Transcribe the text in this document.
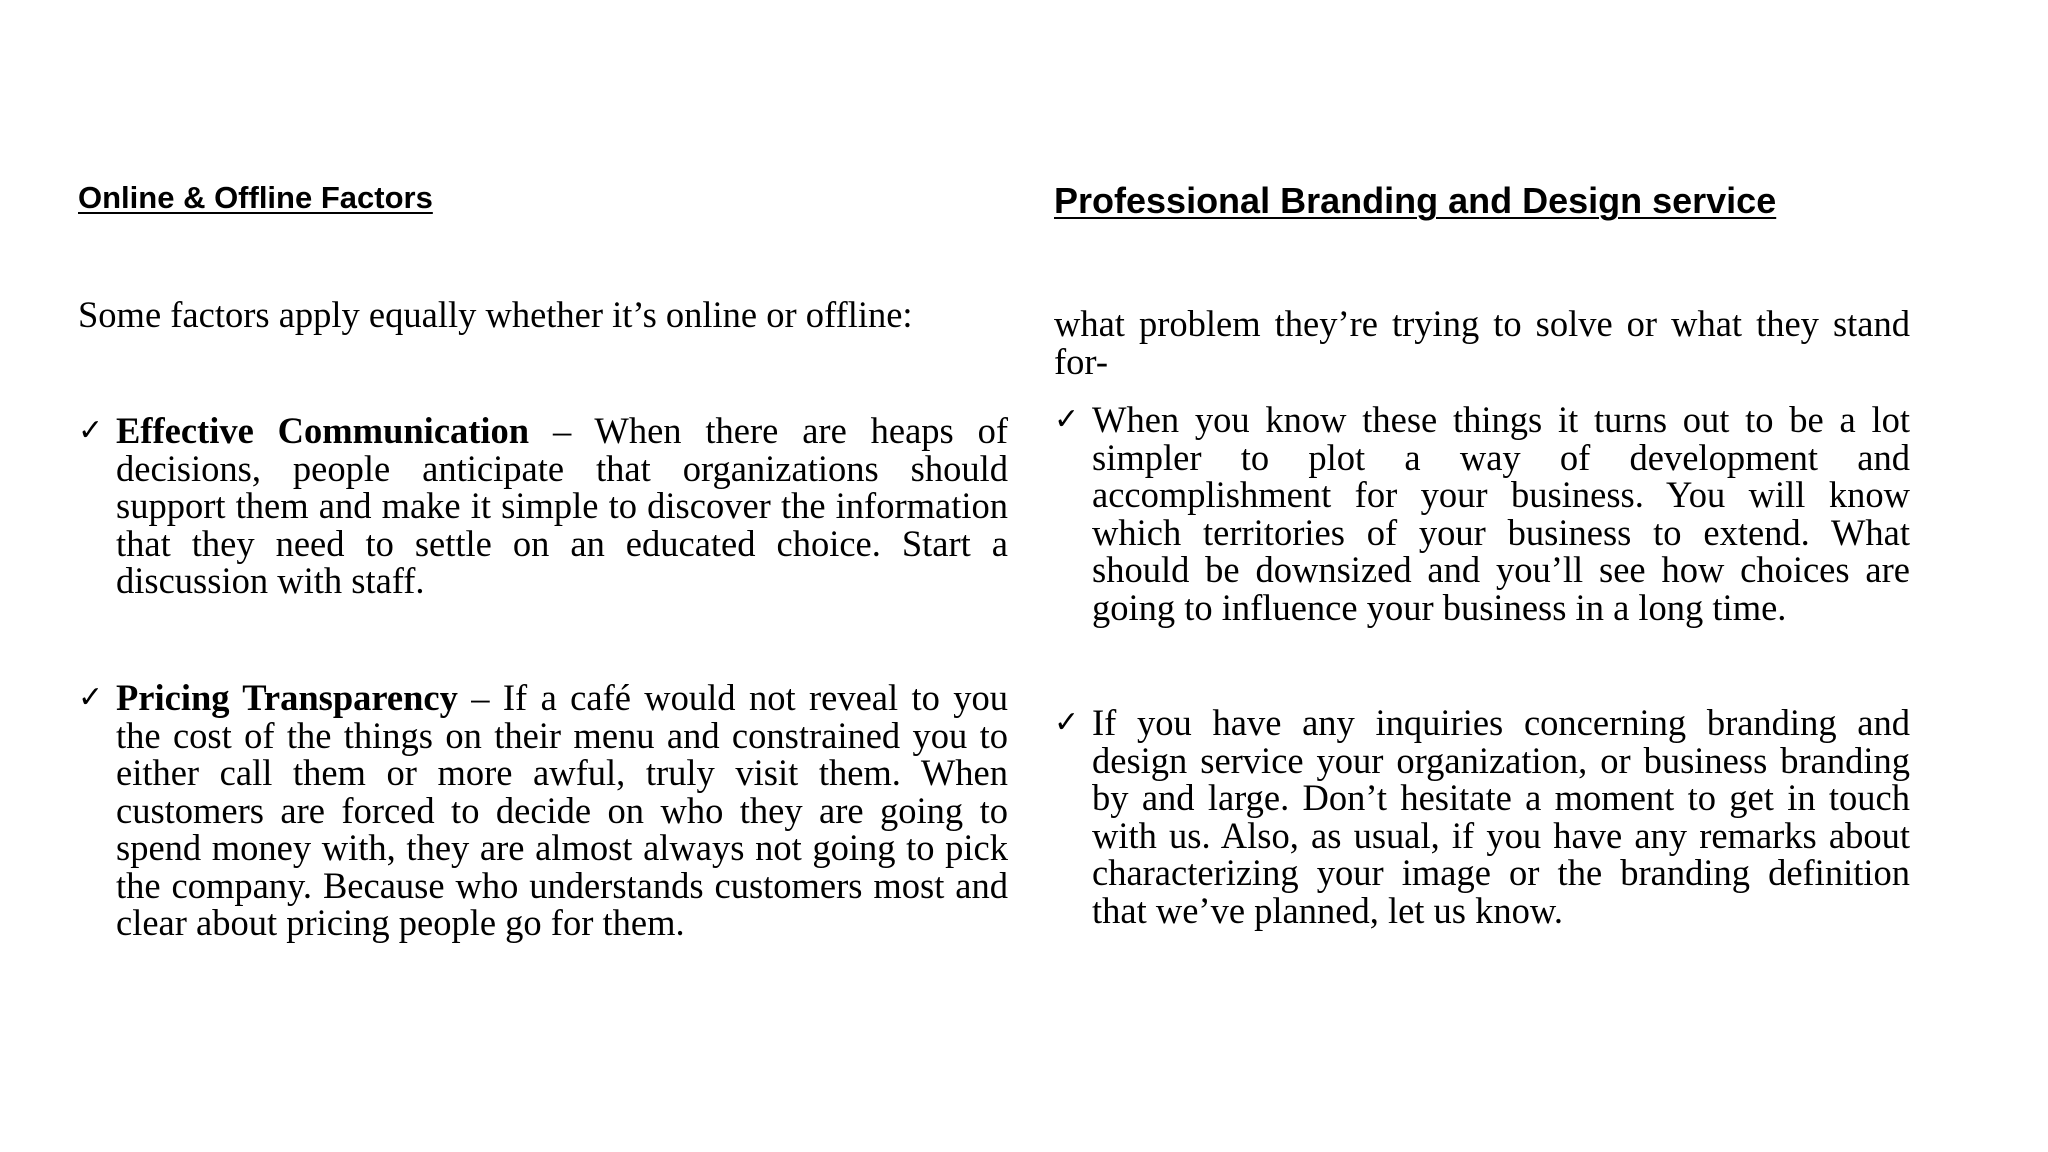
Online & Offline Factors

Some factors apply equally whether it’s online or offline:

✓ Effective Communication – When there are heaps of decisions, people anticipate that organizations should support them and make it simple to discover the information that they need to settle on an educated choice. Start a discussion with staff.

✓ Pricing Transparency – If a café would not reveal to you the cost of the things on their menu and constrained you to either call them or more awful, truly visit them. When customers are forced to decide on who they are going to spend money with, they are almost always not going to pick the company. Because who understands customers most and clear about pricing people go for them.

Professional Branding and Design service

what problem they’re trying to solve or what they stand for-

✓ When you know these things it turns out to be a lot simpler to plot a way of development and accomplishment for your business. You will know which territories of your business to extend. What should be downsized and you’ll see how choices are going to influence your business in a long time.

✓ If you have any inquiries concerning branding and design service your organization, or business branding by and large. Don’t hesitate a moment to get in touch with us. Also, as usual, if you have any remarks about characterizing your image or the branding definition that we’ve planned, let us know.
